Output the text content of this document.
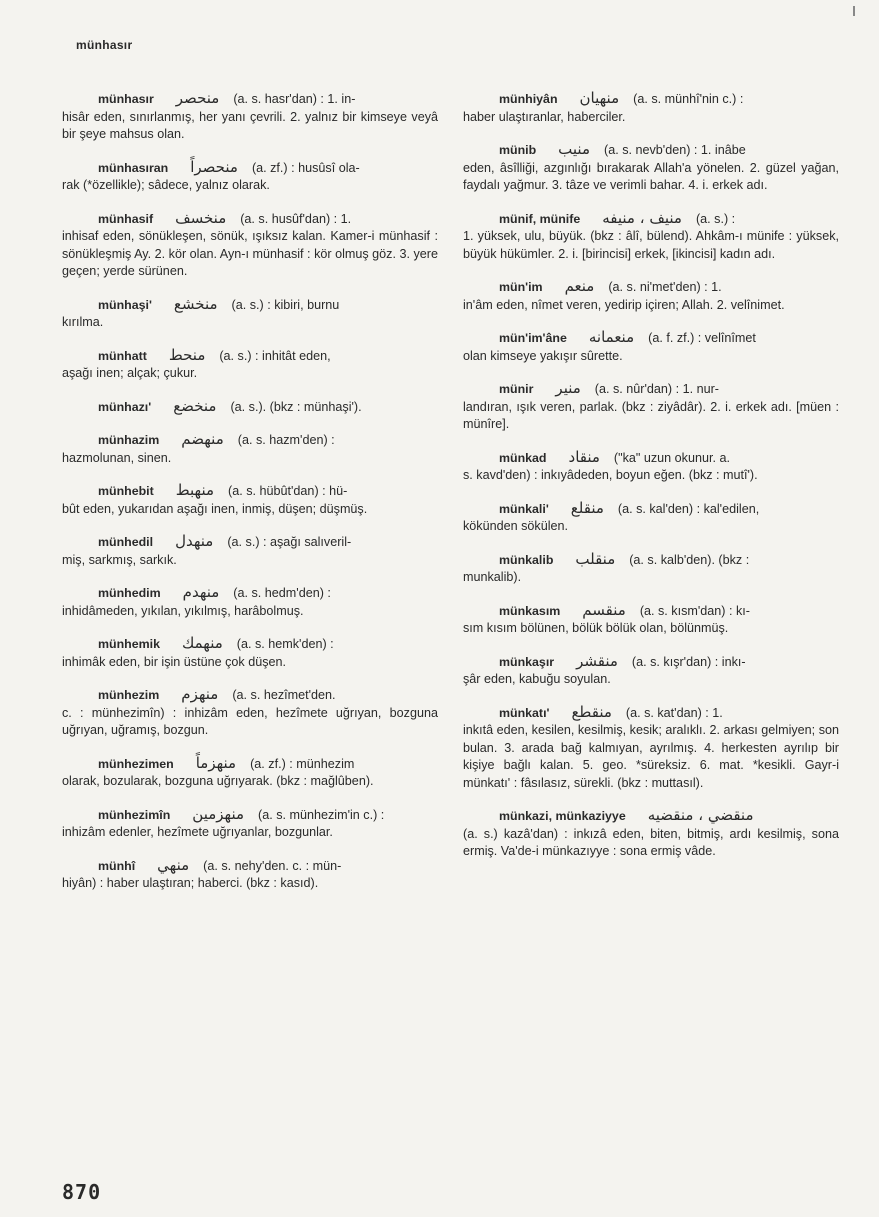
münhasır
münhasır منحصر (a. s. hasr'dan) : 1. in-
hisâr eden, sınırlanmış, her yanı çevrili. 2. yalnız bir kimseye veyâ bir şeye mahsus olan.
münhasıran منحصراً (a. zf.) : husûsî ola-
rak (*özellikle); sâdece, yalnız olarak.
münhasif منخسف (a. s. husûf'dan) : 1.
inhisaf eden, sönükleşen, sönük, ışıksız kalan. Kamer-i münhasif : sönükleşmiş Ay. 2. kör olan. Ayn-ı münhasif : kör olmuş göz. 3. yere geçen; yerde sürünen.
münhaşi' منخشع (a. s.) : kibiri, burnu
kırılma.
münhatt منحط (a. s.) : inhitât eden,
aşağı inen; alçak; çukur.
münhazı' منخضع (a. s.). (bkz : münhaşi').
münhazim منهضم (a. s. hazm'den) :
hazmolunan, sinen.
münhebit منهبط (a. s. hübût'dan) : hü-
bût eden, yukarıdan aşağı inen, inmiş, düşen; düşmüş.
münhedil منهدل (a. s.) : aşağı salıveril-
miş, sarkmış, sarkık.
münhedim منهدم (a. s. hedm'den) :
inhidâmeden, yıkılan, yıkılmış, harâbolmuş.
münhemik منهمك (a. s. hemk'den) :
inhimâk eden, bir işin üstüne çok düşen.
münhezim منهزم (a. s. hezîmet'den.
c. : münhezimîn) : inhizâm eden, hezîmete uğrıyan, bozguna uğrıyan, uğramış, bozgun.
münhezimen منهزماً (a. zf.) : münhezim
olarak, bozularak, bozguna uğrıyarak. (bkz : mağlûben).
münhezimîn منهزمين (a. s. münhezim'in c.) :
inhizâm edenler, hezîmete uğrıyanlar, bozgunlar.
münhî منهي (a. s. nehy'den. c. : mün-
hiyân) : haber ulaştıran; haberci. (bkz : kasıd).
münhiyân منهيان (a. s. münhî'nin c.) :
haber ulaştıranlar, haberciler.
münib منيب (a. s. nevb'den) : 1. inâbe
eden, âsîlliği, azgınlığı bırakarak Allah'a yönelen. 2. güzel yağan, faydalı yağmur. 3. tâze ve verimli bahar. 4. i. erkek adı.
münif, münife منيف ، منيفه (a. s.) :
1. yüksek, ulu, büyük. (bkz : âlî, bülend). Ahkâm-ı münife : yüksek, büyük hükümler. 2. i. [birincisi] erkek, [ikincisi] kadın adı.
mün'im منعم (a. s. ni'met'den) : 1.
in'âm eden, nîmet veren, yedirip içiren; Allah. 2. velînimet.
mün'im'âne منعمانه (a. f. zf.) : velînîmet
olan kimseye yakışır sûrette.
münir منير (a. s. nûr'dan) : 1. nur-
landıran, ışık veren, parlak. (bkz : ziyâdâr). 2. i. erkek adı. [müen : münîre].
münkad منقاد ("ka" uzun okunur. a.
s. kavd'den) : inkıyâdeden, boyun eğen. (bkz : mutî').
münkali' منقلع (a. s. kal'den) : kal'edilen,
kökünden sökülen.
münkalib منقلب (a. s. kalb'den). (bkz :
munkalib).
münkasım منقسم (a. s. kısm'dan) : kı-
sım kısım bölünen, bölük bölük olan, bölünmüş.
münkaşır منقشر (a. s. kışr'dan) : inkı-
şâr eden, kabuğu soyulan.
münkatı' منقطع (a. s. kat'dan) : 1.
inkıtâ eden, kesilen, kesilmiş, kesik; aralıklı. 2. arkası gelmiyen; son bulan. 3. arada bağ kalmıyan, ayrılmış. 4. herkesten ayrılıp bir kişiye bağlı kalan. 5. geo. *süreksiz. 6. mat. *kesikli. Gayr-i münkatı' : fâsılasız, sürekli. (bkz : muttasıl).
münkazi, münkaziyye منقضي ، منقضيه
(a. s.) kazâ'dan) : inkızâ eden, biten, bitmiş, ardı kesilmiş, sona ermiş. Va'de-i münkazıyye : sona ermiş vâde.
870
